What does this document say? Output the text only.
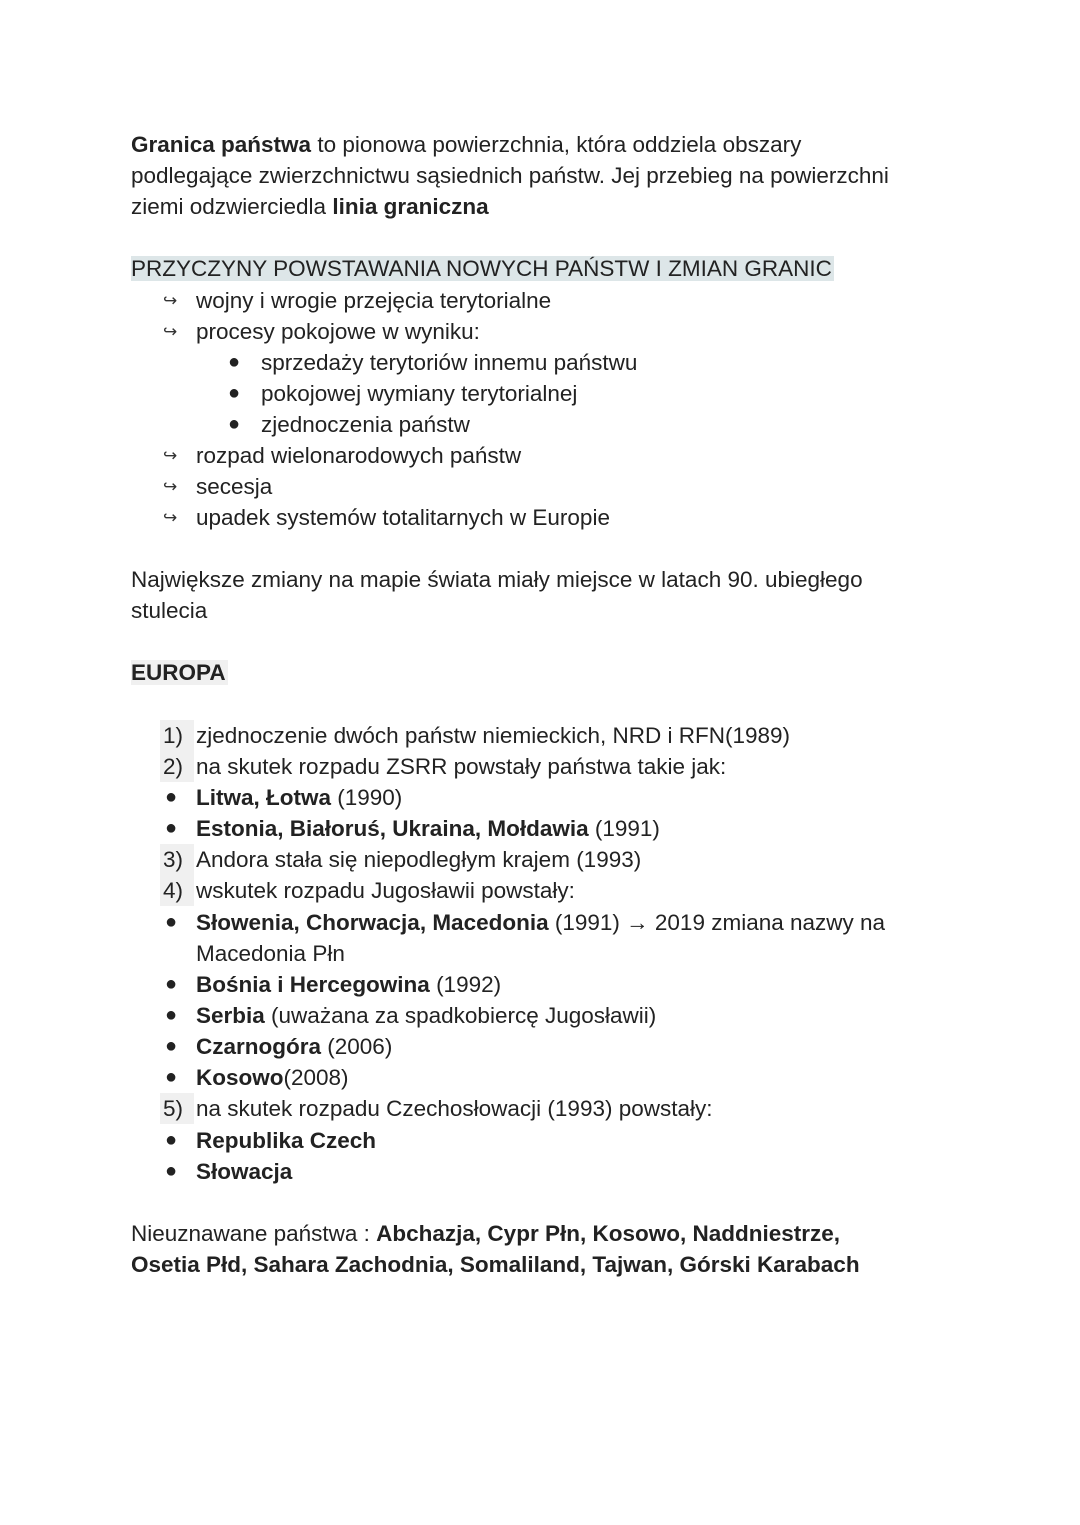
Granica państwa to pionowa powierzchnia, która oddziela obszary
podlegające zwierzchnictwu sąsiednich państw. Jej przebieg na powierzchni
ziemi odzwierciedla linia graniczna
PRZYCZYNY POWSTAWANIA NOWYCH PAŃSTW I ZMIAN GRANIC
↪ wojny i wrogie przejęcia terytorialne
↪ procesy pokojowe w wyniku:
● sprzedaży terytoriów innemu państwu
● pokojowej wymiany terytorialnej
● zjednoczenia państw
↪ rozpad wielonarodowych państw
↪ secesja
↪ upadek systemów totalitarnych w Europie
Największe zmiany na mapie świata miały miejsce w latach 90. ubiegłego
stulecia
EUROPA
1) zjednoczenie dwóch państw niemieckich, NRD i RFN(1989)
2) na skutek rozpadu ZSRR powstały państwa takie jak:
● Litwa, Łotwa (1990)
● Estonia, Białoruś, Ukraina, Mołdawia (1991)
3) Andora stała się niepodległym krajem (1993)
4) wskutek rozpadu Jugosławii powstały:
● Słowenia, Chorwacja, Macedonia (1991) → 2019 zmiana nazwy na
Macedonia Płn
● Bośnia i Hercegowina (1992)
● Serbia (uważana za spadkobiercę Jugosławii)
● Czarnogóra (2006)
● Kosowo(2008)
5) na skutek rozpadu Czechosłowacji (1993) powstały:
● Republika Czech
● Słowacja
Nieuznawane państwa : Abchazja, Cypr Płn, Kosowo, Naddniestrze,
Osetia Płd, Sahara Zachodnia, Somaliland, Tajwan, Górski Karabach
